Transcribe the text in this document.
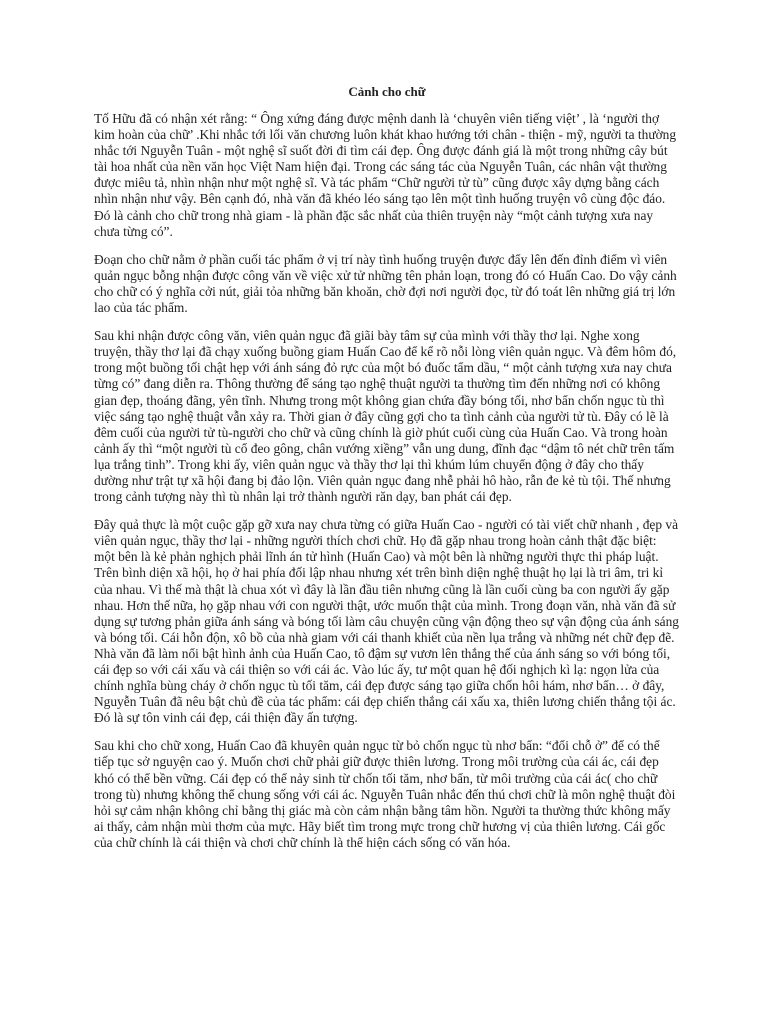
Cảnh cho chữ

Tố Hữu đã có nhận xét rằng: “ Ông xứng đáng được mệnh danh là ‘chuyên viên tiếng việt’ , là ‘người thợ kim hoàn của chữ’ .Khi nhắc tới lối văn chương luôn khát khao hướng tới chân - thiện - mỹ, người ta thường nhắc tới Nguyễn Tuân - một nghệ sĩ suốt đời đi tìm cái đẹp. Ông được đánh giá là một trong những cây bút tài hoa nhất của nền văn học Việt Nam hiện đại. Trong các sáng tác của Nguyễn Tuân, các nhân vật thường được miêu tả, nhìn nhận như một nghệ sĩ. Và tác phẩm “Chữ người tử tù” cũng được xây dựng bằng cách nhìn nhận như vậy. Bên cạnh đó, nhà văn đã khéo léo sáng tạo lên một tình huống truyện vô cùng độc đáo. Đó là cảnh cho chữ trong nhà giam - là phần đặc sắc nhất của thiên truyện này “một cảnh tượng xưa nay chưa từng có”.

Đoạn cho chữ nằm ở phần cuối tác phẩm ở vị trí này tình huống truyện được đẩy lên đến đỉnh điểm vì viên quản ngục bỗng nhận được công văn về việc xử tử những tên phản loạn, trong đó có Huấn Cao. Do vậy cảnh cho chữ có ý nghĩa cởi nút, giải tỏa những băn khoăn, chờ đợi nơi người đọc, từ đó toát lên những giá trị lớn lao của tác phẩm.

Sau khi nhận được công văn, viên quản ngục đã giãi bày tâm sự của mình với thầy thơ lại. Nghe xong truyện, thầy thơ lại đã chạy xuống buồng giam Huấn Cao để kể rõ nỗi lòng viên quản ngục. Và đêm hôm đó, trong một buồng tối chật hẹp với ánh sáng đỏ rực của một bó đuốc tẩm dầu, “ một cảnh tượng xưa nay chưa từng có” đang diễn ra. Thông thường để sáng tạo nghệ thuật người ta thường tìm đến những nơi có không gian đẹp, thoáng đãng, yên tĩnh. Nhưng trong một không gian chứa đầy bóng tối, nhơ bẩn chốn ngục tù thì việc sáng tạo nghệ thuật vẫn xảy ra. Thời gian ở đây cũng gợi cho ta tình cảnh của người tử tù. Đây có lẽ là đêm cuối của người tử tù-người cho chữ và cũng chính là giờ phút cuối cùng của Huấn Cao. Và trong hoàn cảnh ấy thì “một người tù cổ đeo gông, chân vướng xiềng” vẫn ung dung, đĩnh đạc “dậm tô nét chữ trên tấm lụa trắng tinh”. Trong khi ấy, viên quản ngục và thầy thơ lại thì khúm lúm chuyển động ở đây cho thấy dường như trật tự xã hội đang bị đảo lộn. Viên quản ngục đang nhễ phải hô hào, rẫn đe kẻ tù tội. Thế nhưng trong cảnh tượng này thì tù nhân lại trở thành người răn dạy, ban phát cái đẹp.

Đây quả thực là một cuộc gặp gỡ xưa nay chưa từng có giữa Huấn Cao - người có tài viết chữ nhanh , đẹp và viên quản ngục, thầy thơ lại - những người thích chơi chữ. Họ đã gặp nhau trong hoàn cảnh thật đặc biệt: một bên là kẻ phản nghịch phải lĩnh án tử hình (Huấn Cao) và một bên là những người thực thi pháp luật. Trên bình diện xã hội, họ ở hai phía đối lập nhau nhưng xét trên bình diện nghệ thuật họ lại là tri âm, tri kỉ của nhau. Vì thế mà thật là chua xót vì đây là lần đầu tiên nhưng cũng là lần cuối cùng ba con người ấy gặp nhau. Hơn thế nữa, họ gặp nhau với con người thật, ước muốn thật của mình. Trong đoạn văn, nhà văn đã sử dụng sự tương phản giữa ánh sáng và bóng tối làm câu chuyện cũng vận động theo sự vận động của ánh sáng và bóng tối. Cái hỗn độn, xô bồ của nhà giam với cái thanh khiết của nền lụa trắng và những nét chữ đẹp đẽ. Nhà văn đã làm nổi bật hình ảnh của Huấn Cao, tô đậm sự vươn lên thắng thế của ánh sáng so với bóng tối, cái đẹp so với cái xấu và cái thiện so với cái ác. Vào lúc ấy, tư một quan hệ đối nghịch kì lạ: ngọn lửa của chính nghĩa bùng cháy ở chốn ngục tù tối tăm, cái đẹp được sáng tạo giữa chốn hôi hám, nhơ bẩn… ở đây, Nguyễn Tuân đã nêu bật chủ đề của tác phẩm: cái đẹp chiến thắng cái xấu xa, thiên lương chiến thắng tội ác. Đó là sự tôn vinh cái đẹp, cái thiện đầy ấn tượng.

Sau khi cho chữ xong, Huấn Cao đã khuyên quản ngục từ bỏ chốn ngục tù nhơ bẩn: “đổi chỗ ở” để có thể tiếp tục sở nguyện cao ý. Muốn chơi chữ phải giữ được thiên lương. Trong môi trường của cái ác, cái đẹp khó có thể bền vững. Cái đẹp có thể nảy sinh từ chốn tối tăm, nhơ bẩn, từ môi trường của cái ác( cho chữ trong tù) nhưng không thể chung sống với cái ác. Nguyễn Tuân nhắc đến thú chơi chữ là môn nghệ thuật đòi hỏi sự cảm nhận không chỉ bằng thị giác mà còn cảm nhận bằng tâm hồn. Người ta thường thức không mấy ai thấy, cảm nhận mùi thơm của mực. Hãy biết tìm trong mực trong chữ hương vị của thiên lương. Cái gốc của chữ chính là cái thiện và chơi chữ chính là thể hiện cách sống có văn hóa.
